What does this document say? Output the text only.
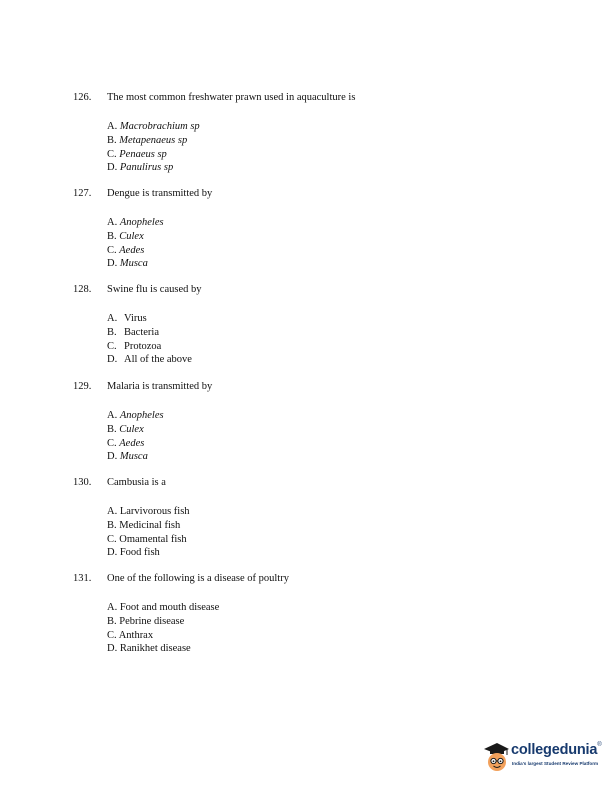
126.	The most common freshwater prawn used in aquaculture is
A. Macrobrachium sp
B. Metapenaeus sp
C. Penaeus sp
D. Panulirus sp
127.	Dengue is transmitted by
A. Anopheles
B. Culex
C. Aedes
D. Musca
128.	Swine flu is caused by
A. Virus
B. Bacteria
C. Protozoa
D. All of the above
129.	Malaria is transmitted by
A. Anopheles
B. Culex
C. Aedes
D. Musca
130.	Cambusia is a
A. Larvivorous fish
B. Medicinal fish
C. Omamental fish
D. Food fish
131.	One of the following is a disease of poultry
A. Foot and mouth disease
B. Pebrine disease
C. Anthrax
D. Ranikhet disease
collegedunia®
India's largest Student Review Platform
